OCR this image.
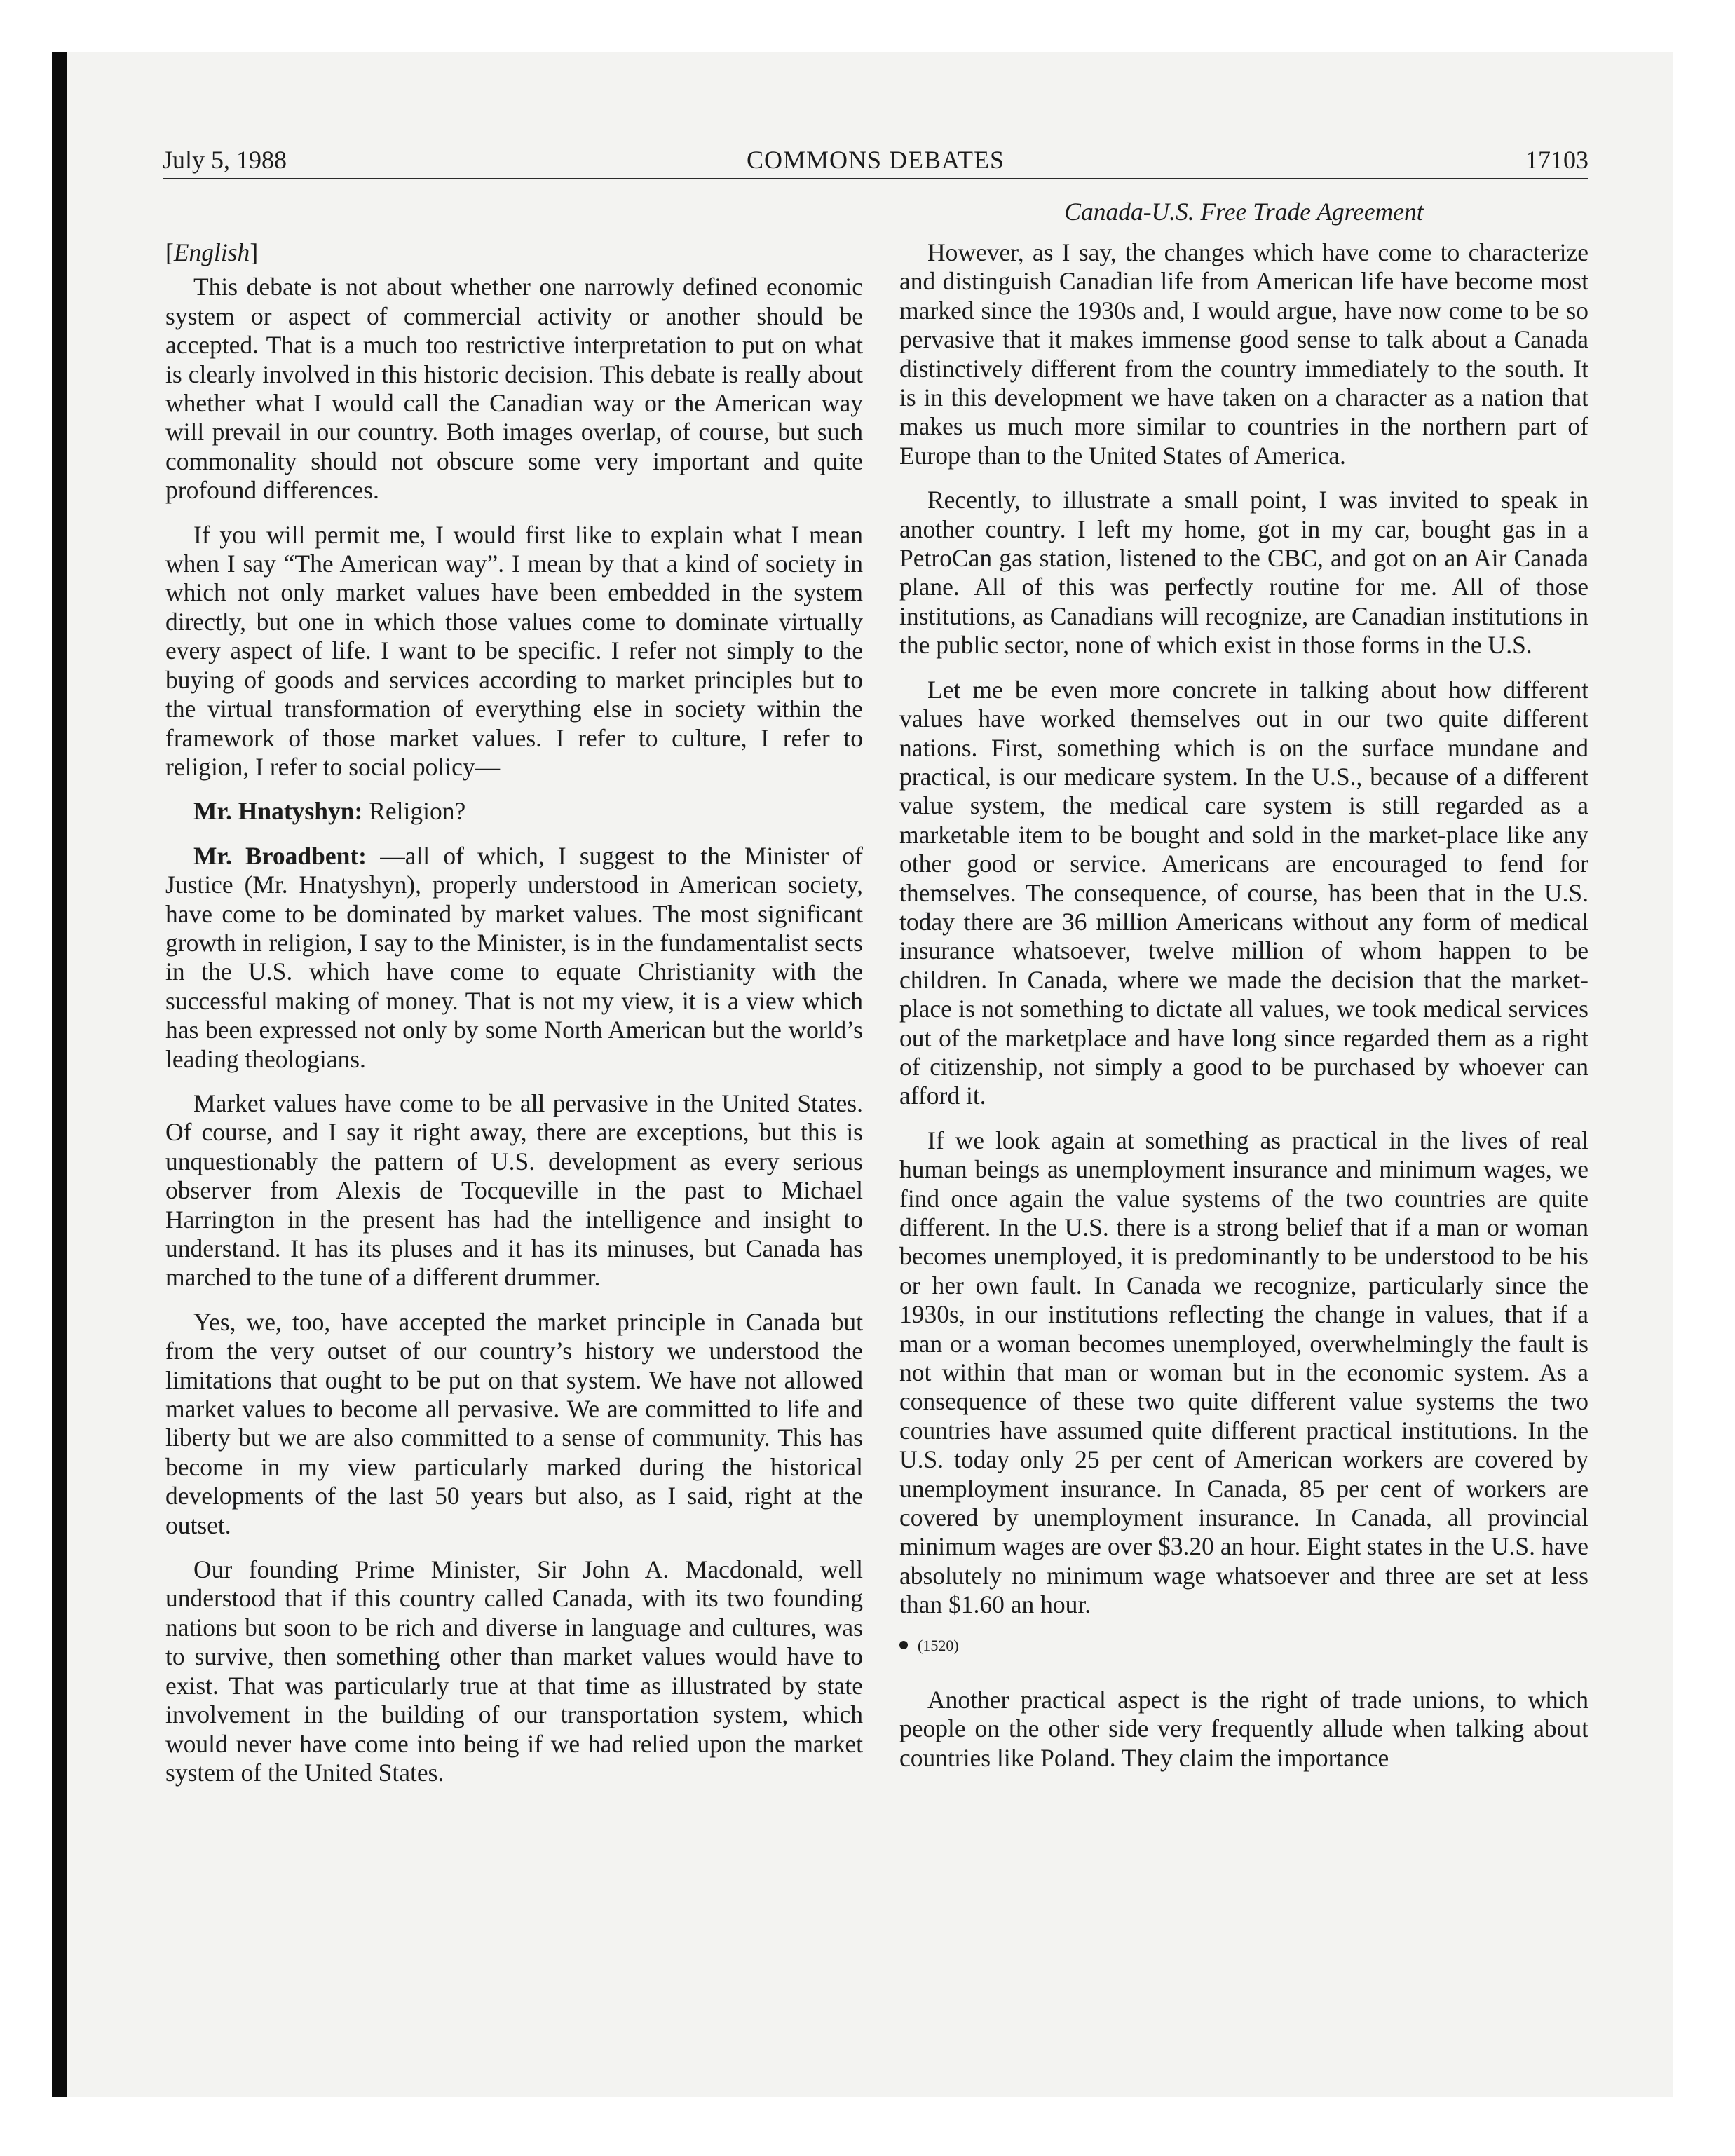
July 5, 1988	COMMONS DEBATES	17103
Canada-U.S. Free Trade Agreement

[English]

This debate is not about whether one narrowly defined economic system or aspect of commercial activity or another should be accepted. That is a much too restrictive interpretation to put on what is clearly involved in this historic decision. This debate is really about whether what I would call the Canadian way or the American way will prevail in our country. Both images overlap, of course, but such commonality should not obscure some very important and quite profound differences.

If you will permit me, I would first like to explain what I mean when I say “The American way”. I mean by that a kind of society in which not only market values have been embedded in the system directly, but one in which those values come to dominate virtually every aspect of life. I want to be specific. I refer not simply to the buying of goods and services according to market principles but to the virtual transformation of everything else in society within the framework of those market values. I refer to culture, I refer to religion, I refer to social policy—

Mr. Hnatyshyn: Religion?

Mr. Broadbent: —all of which, I suggest to the Minister of Justice (Mr. Hnatyshyn), properly understood in American society, have come to be dominated by market values. The most significant growth in religion, I say to the Minister, is in the fundamentalist sects in the U.S. which have come to equate Christianity with the successful making of money. That is not my view, it is a view which has been expressed not only by some North American but the world’s leading theologians.

Market values have come to be all pervasive in the United States. Of course, and I say it right away, there are exceptions, but this is unquestionably the pattern of U.S. development as every serious observer from Alexis de Tocqueville in the past to Michael Harrington in the present has had the intelligence and insight to understand. It has its pluses and it has its minuses, but Canada has marched to the tune of a different drummer.

Yes, we, too, have accepted the market principle in Canada but from the very outset of our country’s history we understood the limitations that ought to be put on that system. We have not allowed market values to become all pervasive. We are committed to life and liberty but we are also committed to a sense of community. This has become in my view particularly marked during the historical developments of the last 50 years but also, as I said, right at the outset.

Our founding Prime Minister, Sir John A. Macdonald, well understood that if this country called Canada, with its two founding nations but soon to be rich and diverse in language and cultures, was to survive, then something other than market values would have to exist. That was particularly true at that time as illustrated by state involvement in the building of our transportation system, which would never have come into being if we had relied upon the market system of the United States.

However, as I say, the changes which have come to characterize and distinguish Canadian life from American life have become most marked since the 1930s and, I would argue, have now come to be so pervasive that it makes immense good sense to talk about a Canada distinctively different from the country immediately to the south. It is in this development we have taken on a character as a nation that makes us much more similar to countries in the northern part of Europe than to the United States of America.

Recently, to illustrate a small point, I was invited to speak in another country. I left my home, got in my car, bought gas in a PetroCan gas station, listened to the CBC, and got on an Air Canada plane. All of this was perfectly routine for me. All of those institutions, as Canadians will recognize, are Canadian institutions in the public sector, none of which exist in those forms in the U.S.

Let me be even more concrete in talking about how different values have worked themselves out in our two quite different nations. First, something which is on the surface mundane and practical, is our medicare system. In the U.S., because of a different value system, the medical care system is still regarded as a marketable item to be bought and sold in the market-place like any other good or service. Americans are encouraged to fend for themselves. The consequence, of course, has been that in the U.S. today there are 36 million Americans without any form of medical insurance whatsoever, twelve million of whom happen to be children. In Canada, where we made the decision that the market-place is not something to dictate all values, we took medical services out of the marketplace and have long since regarded them as a right of citizenship, not simply a good to be purchased by whoever can afford it.

If we look again at something as practical in the lives of real human beings as unemployment insurance and minimum wages, we find once again the value systems of the two countries are quite different. In the U.S. there is a strong belief that if a man or woman becomes unemployed, it is predominantly to be understood to be his or her own fault. In Canada we recognize, particularly since the 1930s, in our institutions reflecting the change in values, that if a man or a woman becomes unemployed, overwhelmingly the fault is not within that man or woman but in the economic system. As a consequence of these two quite different value systems the two countries have assumed quite different practical institutions. In the U.S. today only 25 per cent of American workers are covered by unemployment insurance. In Canada, 85 per cent of workers are covered by unemployment insurance. In Canada, all provincial minimum wages are over $3.20 an hour. Eight states in the U.S. have absolutely no minimum wage whatsoever and three are set at less than $1.60 an hour.

(1520)

Another practical aspect is the right of trade unions, to which people on the other side very frequently allude when talking about countries like Poland. They claim the importance
